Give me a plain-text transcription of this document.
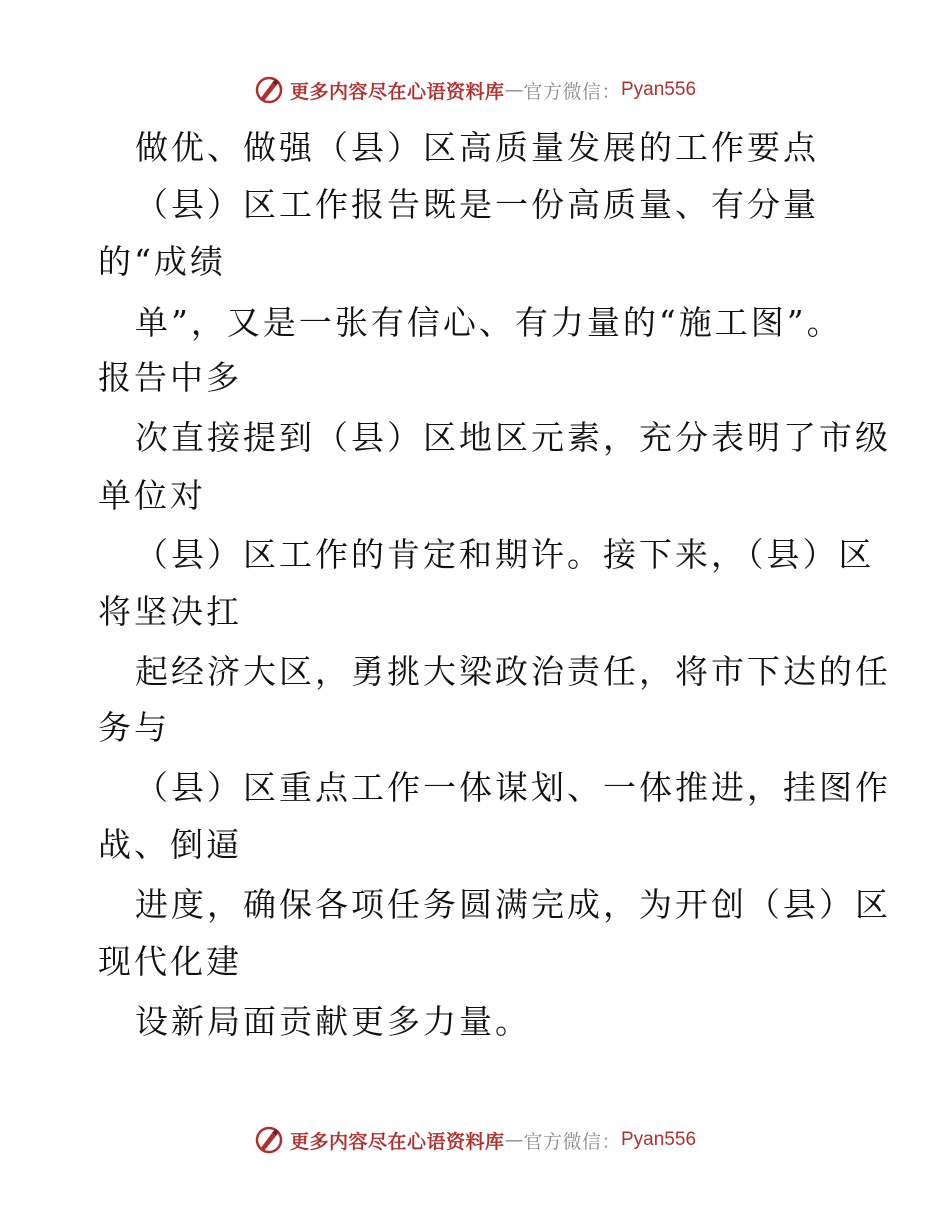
更多内容尽在心语资料库 — 官方微信： Pyan556
做优、做强（县）区高质量发展的工作要点
（县）区工作报告既是一份高质量、有分量
的“成绩
单”，又是一张有信心、有力量的“施工图”。
报告中多
次直接提到（县）区地区元素，充分表明了市级
单位对
（县）区工作的肯定和期许。接下来，（县）区
将坚决扛
起经济大区，勇挑大梁政治责任，将市下达的任
务与
（县）区重点工作一体谋划、一体推进，挂图作
战、倒逼
进度，确保各项任务圆满完成，为开创（县）区
现代化建
设新局面贡献更多力量。
更多内容尽在心语资料库 — 官方微信： Pyan556
